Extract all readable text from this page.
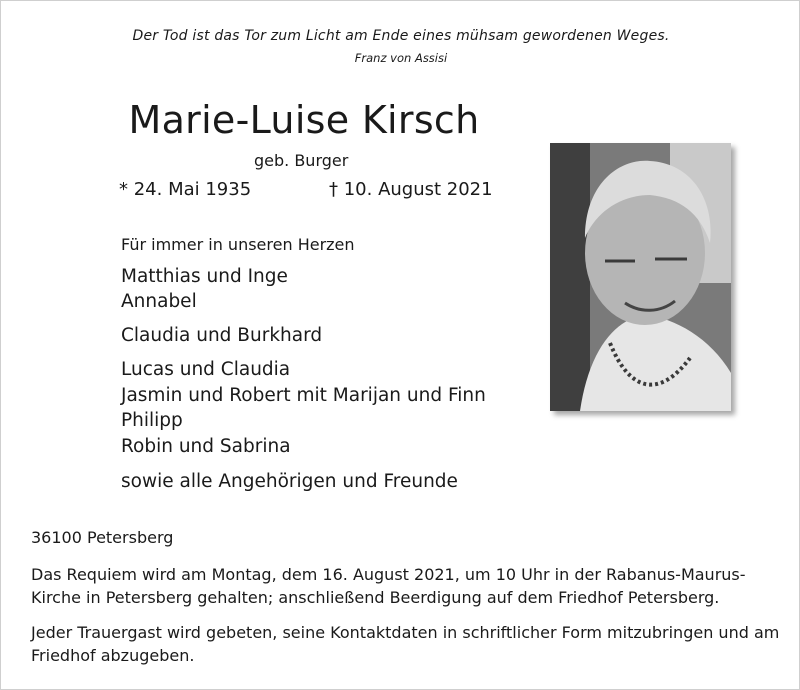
Der Tod ist das Tor zum Licht am Ende eines mühsam gewordenen Weges.
Franz von Assisi
Marie-Luise Kirsch
geb. Burger
* 24. Mai 1935	† 10. August 2021
Für immer in unseren Herzen
Matthias und Inge
Annabel
Claudia und Burkhard
Lucas und Claudia
Jasmin und Robert mit Marijan und Finn
Philipp
Robin und Sabrina
sowie alle Angehörigen und Freunde
36100 Petersberg
Das Requiem wird am Montag, dem 16. August 2021, um 10 Uhr in der Rabanus-Maurus-Kirche in Petersberg gehalten; anschließend Beerdigung auf dem Friedhof Petersberg.
Jeder Trauergast wird gebeten, seine Kontaktdaten in schriftlicher Form mitzubringen und am Friedhof abzugeben.
